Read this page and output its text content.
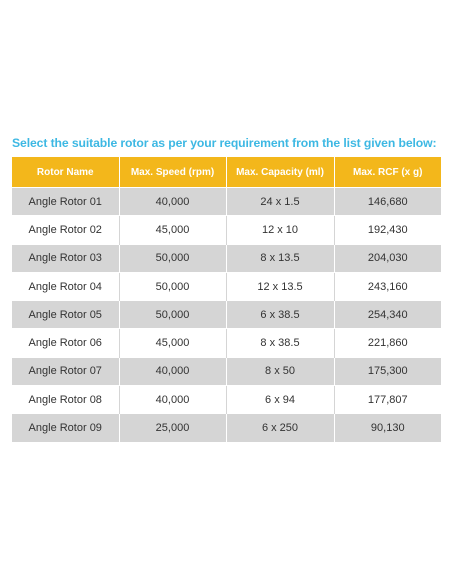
Select the suitable rotor as per your requirement from the list given below:

Rotor Name	Max. Speed (rpm)	Max. Capacity (ml)	Max. RCF (x g)
Angle Rotor 01	40,000	24 x 1.5	146,680
Angle Rotor 02	45,000	12 x 10	192,430
Angle Rotor 03	50,000	8 x 13.5	204,030
Angle Rotor 04	50,000	12 x 13.5	243,160
Angle Rotor 05	50,000	6 x 38.5	254,340
Angle Rotor 06	45,000	8 x 38.5	221,860
Angle Rotor 07	40,000	8 x 50	175,300
Angle Rotor 08	40,000	6 x 94	177,807
Angle Rotor 09	25,000	6 x 250	90,130
